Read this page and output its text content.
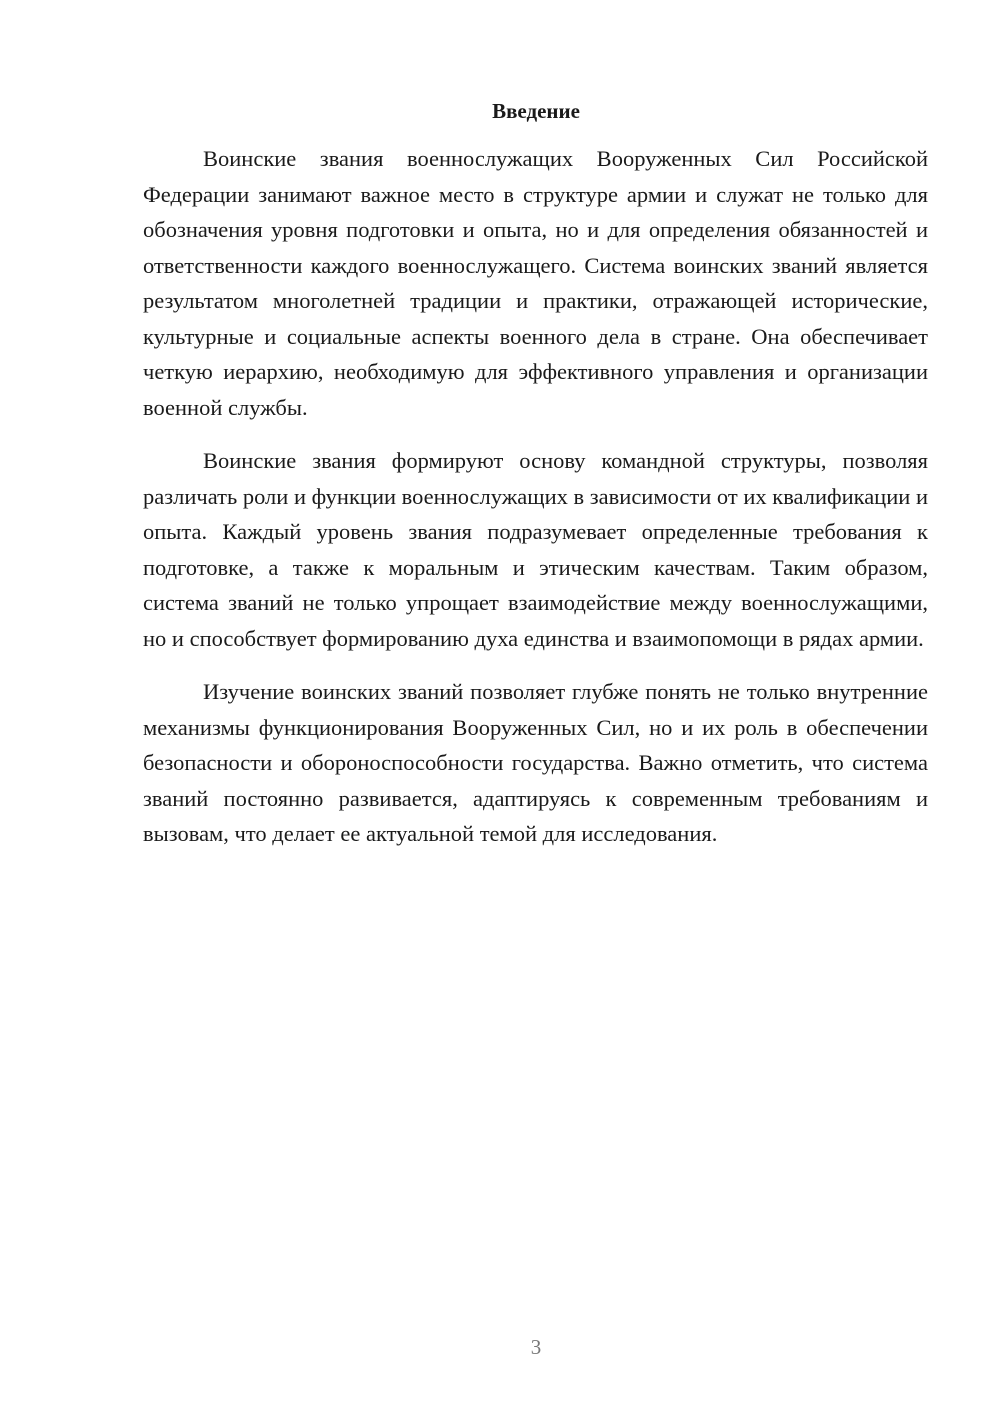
Введение

Воинские звания военнослужащих Вооруженных Сил Российской Федерации занимают важное место в структуре армии и служат не только для обозначения уровня подготовки и опыта, но и для определения обязанностей и ответственности каждого военнослужащего. Система воинских званий является результатом многолетней традиции и практики, отражающей исторические, культурные и социальные аспекты военного дела в стране. Она обеспечивает четкую иерархию, необходимую для эффективного управления и организации военной службы.

Воинские звания формируют основу командной структуры, позволяя различать роли и функции военнослужащих в зависимости от их квалификации и опыта. Каждый уровень звания подразумевает определенные требования к подготовке, а также к моральным и этическим качествам. Таким образом, система званий не только упрощает взаимодействие между военнослужащими, но и способствует формированию духа единства и взаимопомощи в рядах армии.

Изучение воинских званий позволяет глубже понять не только внутренние механизмы функционирования Вооруженных Сил, но и их роль в обеспечении безопасности и обороноспособности государства. Важно отметить, что система званий постоянно развивается, адаптируясь к современным требованиям и вызовам, что делает ее актуальной темой для исследования.

3
